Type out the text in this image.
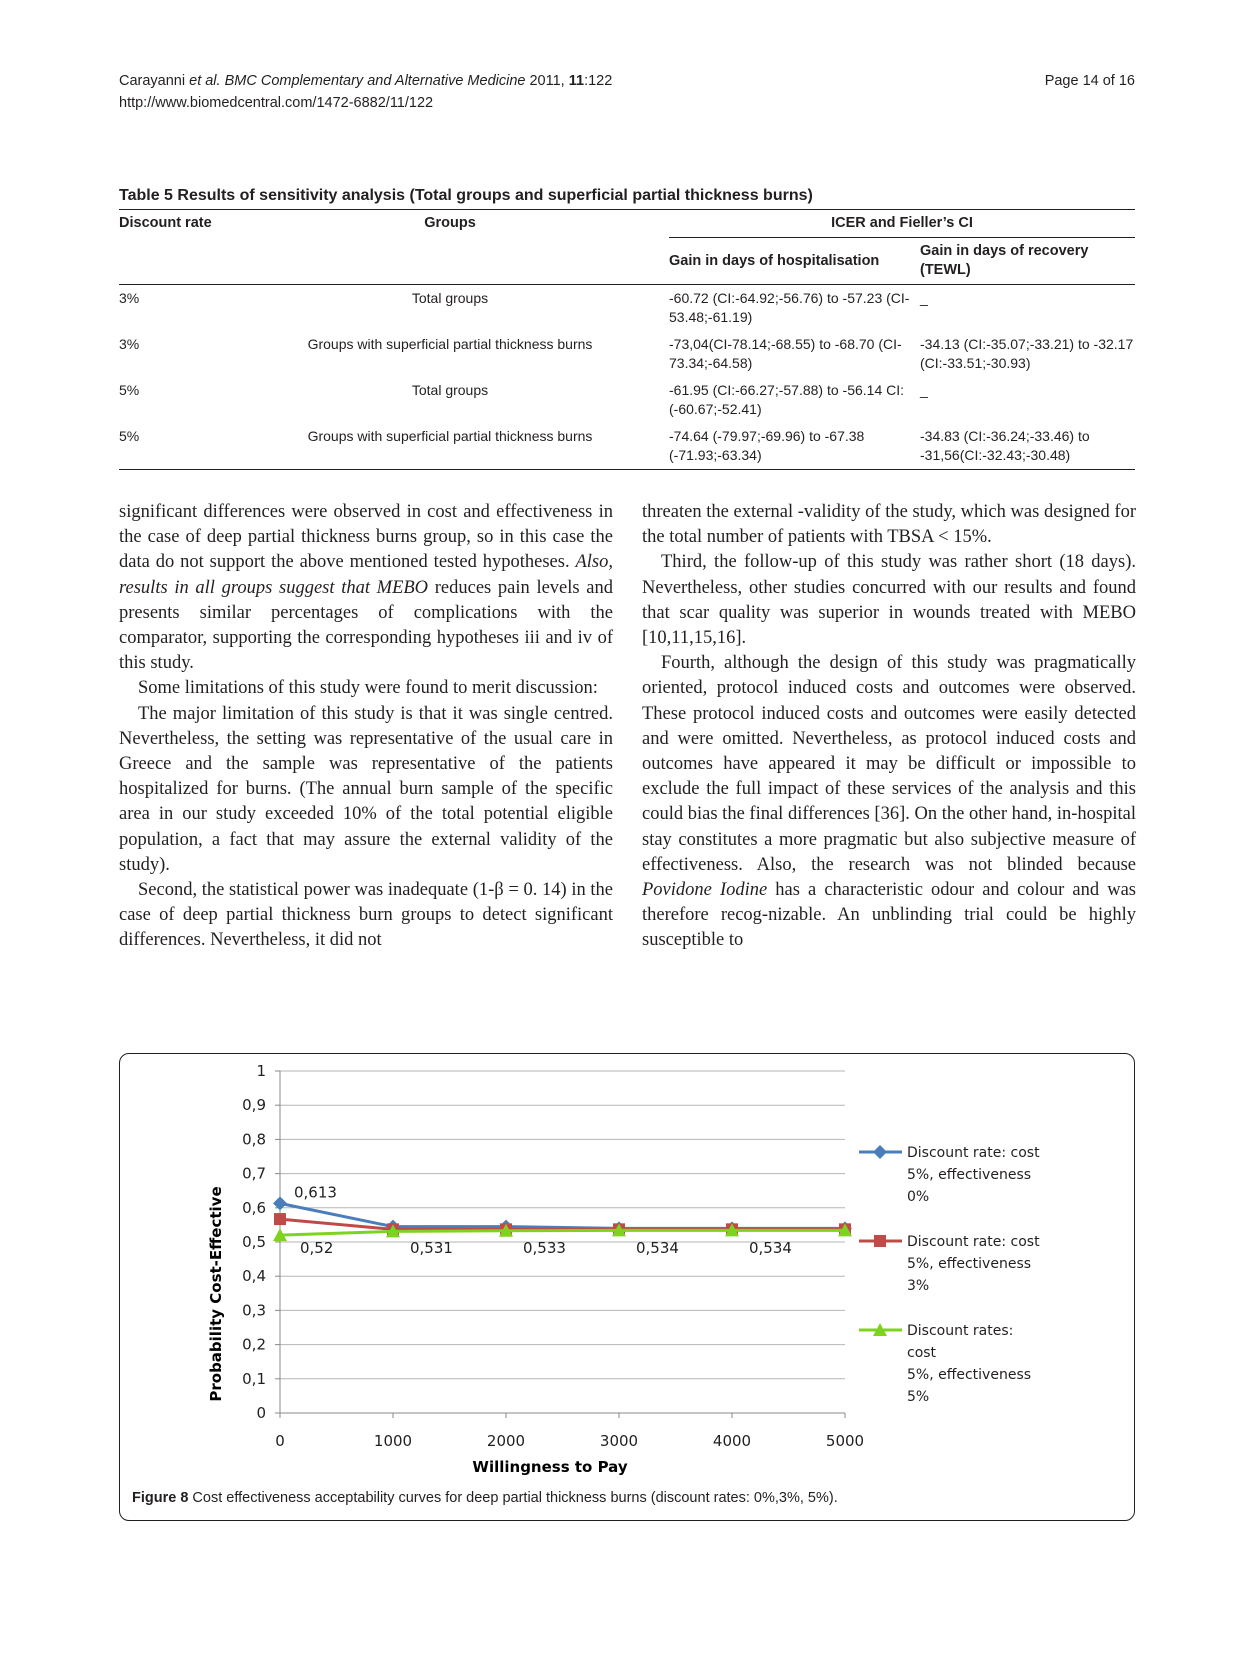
Carayanni et al. BMC Complementary and Alternative Medicine 2011, 11:122
http://www.biomedcentral.com/1472-6882/11/122
Page 14 of 16
Table 5 Results of sensitivity analysis (Total groups and superficial partial thickness burns)
Discount rate	Groups	ICER and Fieller’s CI	
		Gain in days of hospitalisation	Gain in days of recovery (TEWL)
3%	Total groups	-60.72 (CI:-64.92;-56.76) to -57.23 (CI-53.48;-61.19)	_
3%	Groups with superficial partial thickness burns	-73,04(CI-78.14;-68.55) to -68.70 (CI-73.34;-64.58)	-34.13 (CI:-35.07;-33.21) to -32.17 (CI:-33.51;-30.93)
5%	Total groups	-61.95 (CI:-66.27;-57.88) to -56.14 CI: (-60.67;-52.41)	_
5%	Groups with superficial partial thickness burns	-74.64 (-79.97;-69.96) to -67.38 (-71.93;-63.34)	-34.83 (CI:-36.24;-33.46) to -31,56(CI:-32.43;-30.48)

significant differences were observed in cost and effectiveness in the case of deep partial thickness burns group, so in this case the data do not support the above mentioned tested hypotheses. Also, results in all groups suggest that MEBO reduces pain levels and presents similar percentages of complications with the comparator, supporting the corresponding hypotheses iii and iv of this study.

Some limitations of this study were found to merit discussion:

The major limitation of this study is that it was single centred. Nevertheless, the setting was representative of the usual care in Greece and the sample was representative of the patients hospitalized for burns. (The annual burn sample of the specific area in our study exceeded 10% of the total potential eligible population, a fact that may assure the external validity of the study).

Second, the statistical power was inadequate (1-β = 0. 14) in the case of deep partial thickness burn groups to detect significant differences. Nevertheless, it did not

threaten the external -validity of the study, which was designed for the total number of patients with TBSA < 15%.

Third, the follow-up of this study was rather short (18 days). Nevertheless, other studies concurred with our results and found that scar quality was superior in wounds treated with MEBO [10,11,15,16].

Fourth, although the design of this study was pragmatically oriented, protocol induced costs and outcomes were observed. These protocol induced costs and outcomes were easily detected and were omitted. Nevertheless, as protocol induced costs and outcomes have appeared it may be difficult or impossible to exclude the full impact of these services of the analysis and this could bias the final differences [36]. On the other hand, in-hospital stay constitutes a more pragmatic but also subjective measure of effectiveness. Also, the research was not blinded because Povidone Iodine has a characteristic odour and colour and was therefore recog-nizable. An unblinding trial could be highly susceptible to

0
0,1
0,2
0,3
0,4
0,5
0,6
0,7
0,8
0,9
1
0	1000	2000	3000	4000	5000
0,613
0,52	0,531	0,533	0,534	0,534
Discount rate: cost
5%, effectiveness
0%
Discount rate: cost
5%, effectiveness
3%
Discount rates:
cost
5%, effectiveness
5%
Probability Cost-Effective
Willingness to Pay
Figure 8 Cost effectiveness acceptability curves for deep partial thickness burns (discount rates: 0%,3%, 5%).
